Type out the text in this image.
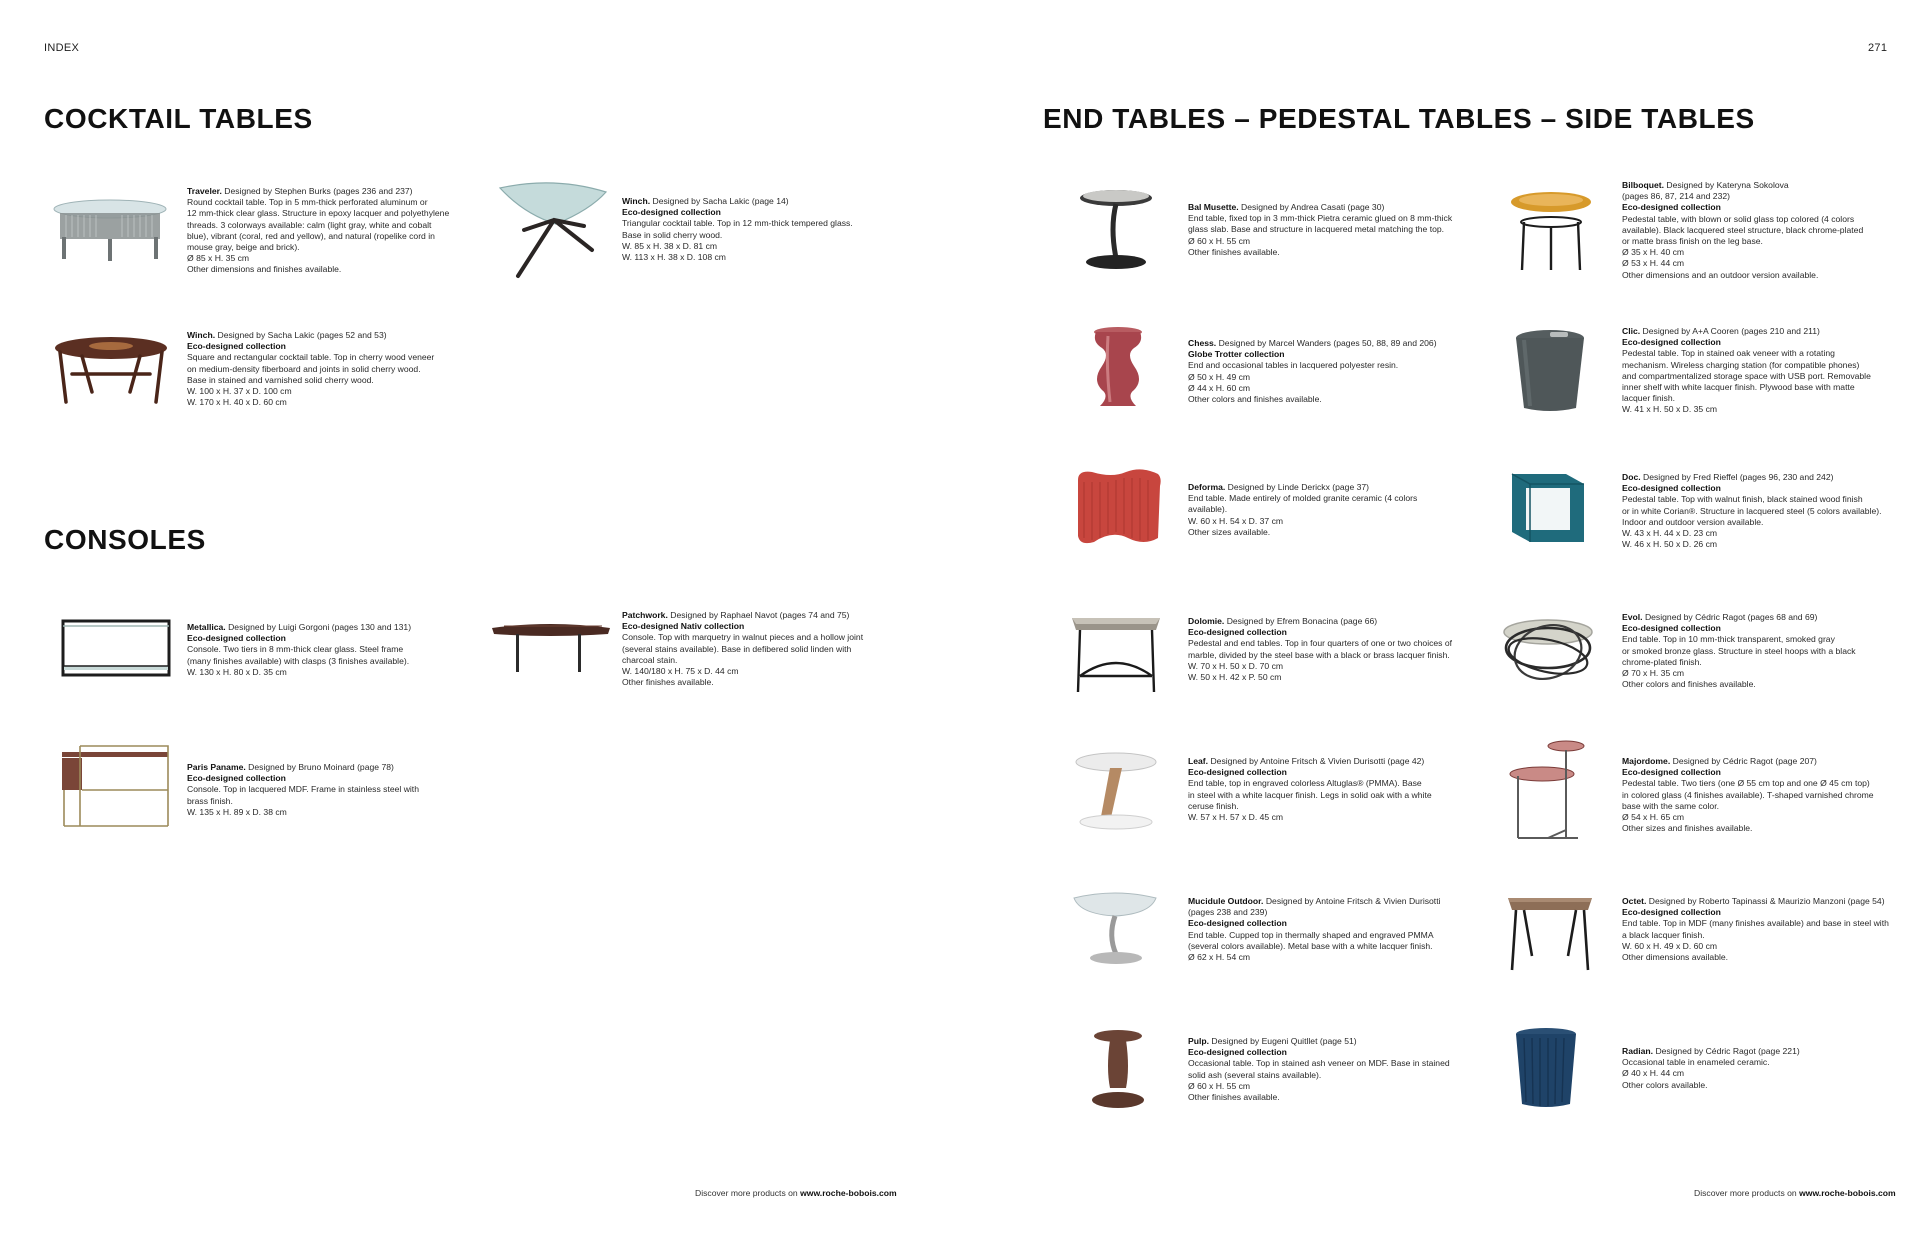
INDEX	271
COCKTAIL TABLES
CONSOLES
END TABLES – PEDESTAL TABLES – SIDE TABLES
Traveler. Designed by Stephen Burks (pages 236 and 237)
Round cocktail table. Top in 5 mm-thick perforated aluminum or
12 mm-thick clear glass. Structure in epoxy lacquer and polyethylene
threads. 3 colorways available: calm (light gray, white and cobalt
blue), vibrant (coral, red and yellow), and natural (ropelike cord in
mouse gray, beige and brick).
Ø 85 x H. 35 cm
Other dimensions and finishes available.
Winch. Designed by Sacha Lakic (page 14)
Eco-designed collection
Triangular cocktail table. Top in 12 mm-thick tempered glass.
Base in solid cherry wood.
W. 85 x H. 38 x D. 81 cm
W. 113 x H. 38 x D. 108 cm
Winch. Designed by Sacha Lakic (pages 52 and 53)
Eco-designed collection
Square and rectangular cocktail table. Top in cherry wood veneer
on medium-density fiberboard and joints in solid cherry wood.
Base in stained and varnished solid cherry wood.
W. 100 x H. 37 x D. 100 cm
W. 170 x H. 40 x D. 60 cm
Metallica. Designed by Luigi Gorgoni (pages 130 and 131)
Eco-designed collection
Console. Two tiers in 8 mm-thick clear glass. Steel frame
(many finishes available) with clasps (3 finishes available).
W. 130 x H. 80 x D. 35 cm
Patchwork. Designed by Raphael Navot (pages 74 and 75)
Eco-designed Nativ collection
Console. Top with marquetry in walnut pieces and a hollow joint
(several stains available). Base in defibered solid linden with
charcoal stain.
W. 140/180 x H. 75 x D. 44 cm
Other finishes available.
Paris Paname. Designed by Bruno Moinard (page 78)
Eco-designed collection
Console. Top in lacquered MDF. Frame in stainless steel with
brass finish.
W. 135 x H. 89 x D. 38 cm
Bal Musette. Designed by Andrea Casati (page 30)
End table, fixed top in 3 mm-thick Pietra ceramic glued on 8 mm-thick
glass slab. Base and structure in lacquered metal matching the top.
Ø 60 x H. 55 cm
Other finishes available.
Bilboquet. Designed by Kateryna Sokolova
(pages 86, 87, 214 and 232)
Eco-designed collection
Pedestal table, with blown or solid glass top colored (4 colors
available). Black lacquered steel structure, black chrome-plated
or matte brass finish on the leg base.
Ø 35 x H. 40 cm
Ø 53 x H. 44 cm
Other dimensions and an outdoor version available.
Chess. Designed by Marcel Wanders (pages 50, 88, 89 and 206)
Globe Trotter collection
End and occasional tables in lacquered polyester resin.
Ø 50 x H. 49 cm
Ø 44 x H. 60 cm
Other colors and finishes available.
Clic. Designed by A+A Cooren (pages 210 and 211)
Eco-designed collection
Pedestal table. Top in stained oak veneer with a rotating
mechanism. Wireless charging station (for compatible phones)
and compartmentalized storage space with USB port. Removable
inner shelf with white lacquer finish. Plywood base with matte
lacquer finish.
W. 41 x H. 50 x D. 35 cm
Deforma. Designed by Linde Derickx (page 37)
End table. Made entirely of molded granite ceramic (4 colors
available).
W. 60 x H. 54 x D. 37 cm
Other sizes available.
Doc. Designed by Fred Rieffel (pages 96, 230 and 242)
Eco-designed collection
Pedestal table. Top with walnut finish, black stained wood finish
or in white Corian®. Structure in lacquered steel (5 colors available).
Indoor and outdoor version available.
W. 43 x H. 44 x D. 23 cm
W. 46 x H. 50 x D. 26 cm
Dolomie. Designed by Efrem Bonacina (page 66)
Eco-designed collection
Pedestal and end tables. Top in four quarters of one or two choices of
marble, divided by the steel base with a black or brass lacquer finish.
W. 70 x H. 50 x D. 70 cm
W. 50 x H. 42 x P. 50 cm
Evol. Designed by Cédric Ragot (pages 68 and 69)
Eco-designed collection
End table. Top in 10 mm-thick transparent, smoked gray
or smoked bronze glass. Structure in steel hoops with a black
chrome-plated finish.
Ø 70 x H. 35 cm
Other colors and finishes available.
Leaf. Designed by Antoine Fritsch & Vivien Durisotti (page 42)
Eco-designed collection
End table, top in engraved colorless Altuglas® (PMMA). Base
in steel with a white lacquer finish. Legs in solid oak with a white
ceruse finish.
W. 57 x H. 57 x D. 45 cm
Majordome. Designed by Cédric Ragot (page 207)
Eco-designed collection
Pedestal table. Two tiers (one Ø 55 cm top and one Ø 45 cm top)
in colored glass (4 finishes available). T-shaped varnished chrome
base with the same color.
Ø 54 x H. 65 cm
Other sizes and finishes available.
Mucidule Outdoor. Designed by Antoine Fritsch & Vivien Durisotti
(pages 238 and 239)
Eco-designed collection
End table. Cupped top in thermally shaped and engraved PMMA
(several colors available). Metal base with a white lacquer finish.
Ø 62 x H. 54 cm
Octet. Designed by Roberto Tapinassi & Maurizio Manzoni (page 54)
Eco-designed collection
End table. Top in MDF (many finishes available) and base in steel with
a black lacquer finish.
W. 60 x H. 49 x D. 60 cm
Other dimensions available.
Pulp. Designed by Eugeni Quitllet (page 51)
Eco-designed collection
Occasional table. Top in stained ash veneer on MDF. Base in stained
solid ash (several stains available).
Ø 60 x H. 55 cm
Other finishes available.
Radian. Designed by Cédric Ragot (page 221)
Occasional table in enameled ceramic.
Ø 40 x H. 44 cm
Other colors available.
Discover more products on www.roche-bobois.com	Discover more products on www.roche-bobois.com
